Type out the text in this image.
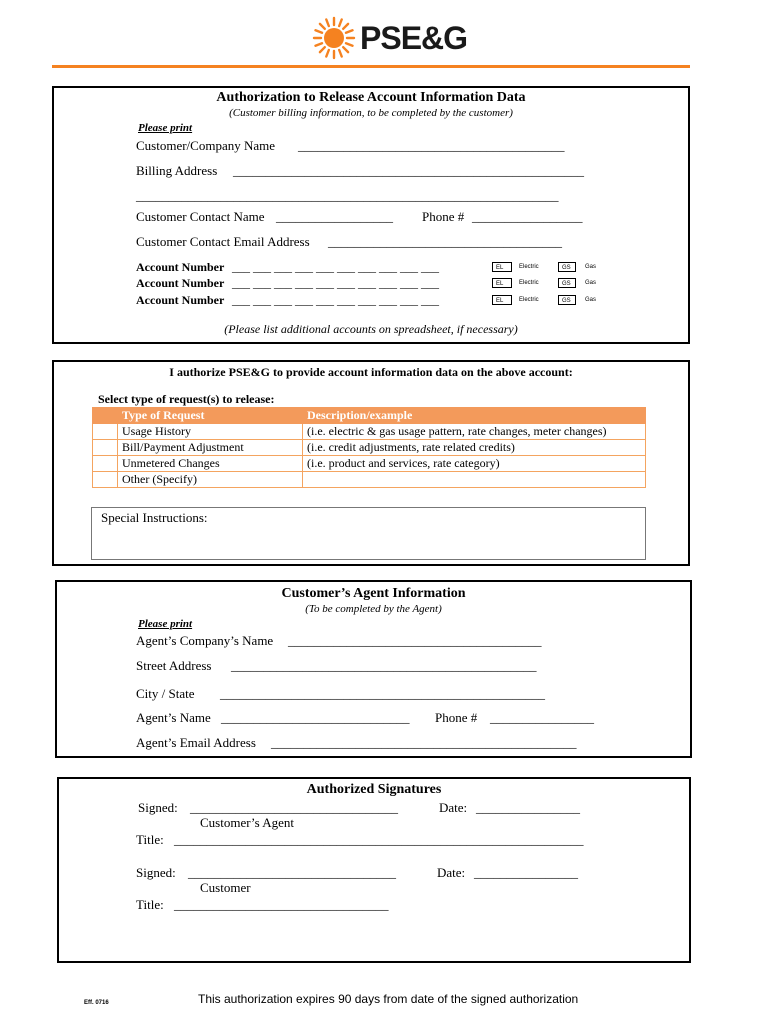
PSE&G
Authorization to Release Account Information Data
(Customer billing information, to be completed by the customer)
Please print
Customer/Company Name _________________________________________
Billing Address ______________________________________________________
_________________________________________________________________
Customer Contact Name __________________ Phone # _________________
Customer Contact Email Address ____________________________________
Account Number ___ ___ ___ ___ ___ ___ ___ ___ ___ ___	EL	Electric	GS	Gas
Account Number ___ ___ ___ ___ ___ ___ ___ ___ ___ ___	EL	Electric	GS	Gas
Account Number ___ ___ ___ ___ ___ ___ ___ ___ ___ ___	EL	Electric	GS	Gas
(Please list additional accounts on spreadsheet, if necessary)
I authorize PSE&G to provide account information data on the above account:
Select type of request(s) to release:
	Type of Request	Description/example
	Usage History	(i.e. electric & gas usage pattern, rate changes, meter changes)
	Bill/Payment Adjustment	(i.e. credit adjustments, rate related credits)
	Unmetered Changes	(i.e. product and services, rate category)
	Other (Specify)	
Special Instructions:
Customer’s Agent Information
(To be completed by the Agent)
Please print
Agent’s Company’s Name _______________________________________
Street Address _______________________________________________
City / State __________________________________________________
Agent’s Name _____________________________ Phone # ________________
Agent’s Email Address _______________________________________________
Authorized Signatures
Signed: ________________________________	Date: ________________
Customer’s Agent
Title: _______________________________________________________________
Signed: ________________________________	Date: ________________
Customer
Title: _________________________________
Eff. 0716	This authorization expires 90 days from date of the signed authorization
